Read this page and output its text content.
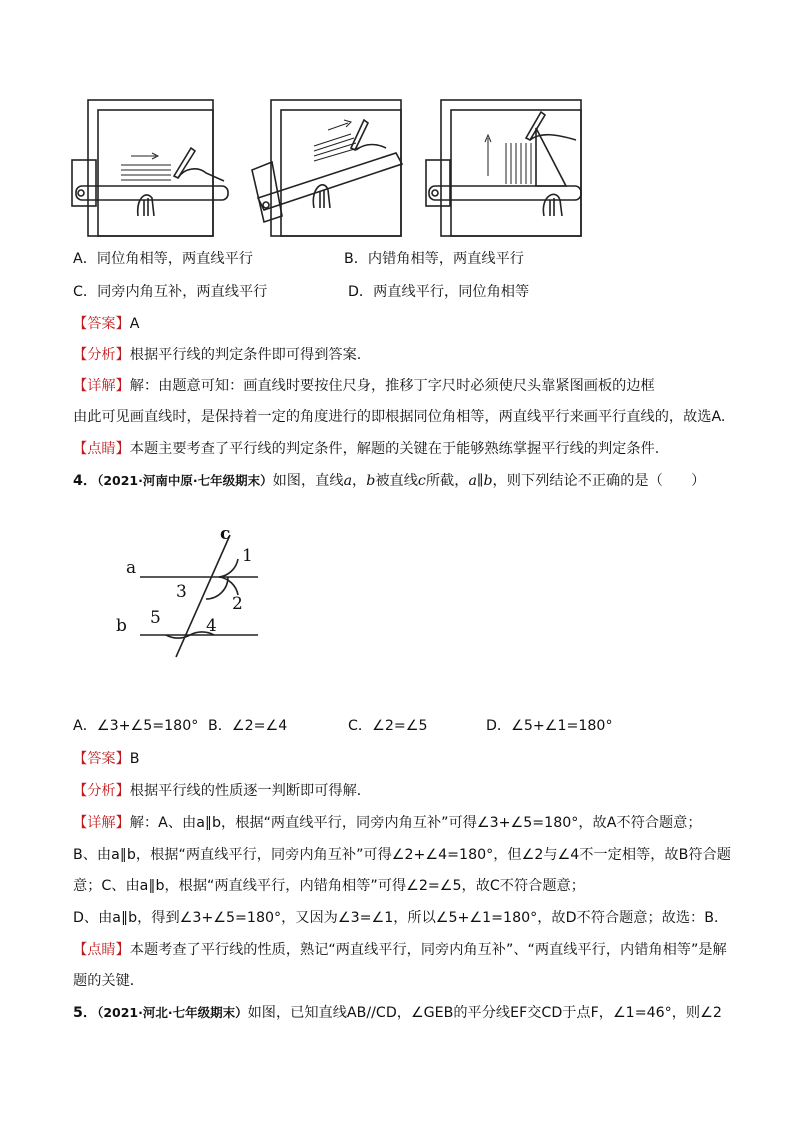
A．同位角相等，两直线平行	B．内错角相等，两直线平行
C．同旁内角互补，两直线平行	D．两直线平行，同位角相等
【答案】A
【分析】根据平行线的判定条件即可得到答案.
【详解】解：由题意可知：画直线时要按住尺身，推移丁字尺时必须使尺头靠紧图画板的边框
由此可见画直线时，是保持着一定的角度进行的即根据同位角相等，两直线平行来画平行直线的，故选A.
【点睛】本题主要考查了平行线的判定条件，解题的关键在于能够熟练掌握平行线的判定条件.
4．（2021·河南中原·七年级期末）如图，直线a，b被直线c所截，a∥b，则下列结论不正确的是（　　）
c
a
b
1
2
3
4
5
A．∠3+∠5=180° B．∠2=∠4	C．∠2=∠5	D．∠5+∠1=180°
【答案】B
【分析】根据平行线的性质逐一判断即可得解．
【详解】解：A、由a∥b，根据“两直线平行，同旁内角互补”可得∠3+∠5=180°，故A不符合题意；
B、由a∥b，根据“两直线平行，同旁内角互补”可得∠2+∠4=180°，但∠2与∠4不一定相等，故B符合题
意；C、由a∥b，根据“两直线平行，内错角相等”可得∠2=∠5，故C不符合题意；
D、由a∥b，得到∠3+∠5=180°，又因为∠3=∠1，所以∠5+∠1=180°，故D不符合题意；故选：B．
【点睛】本题考查了平行线的性质，熟记“两直线平行，同旁内角互补”、“两直线平行，内错角相等”是解
题的关键．
5．（2021·河北·七年级期末）如图，已知直线AB//CD，∠GEB的平分线EF交CD于点F，∠1=46°，则∠2
